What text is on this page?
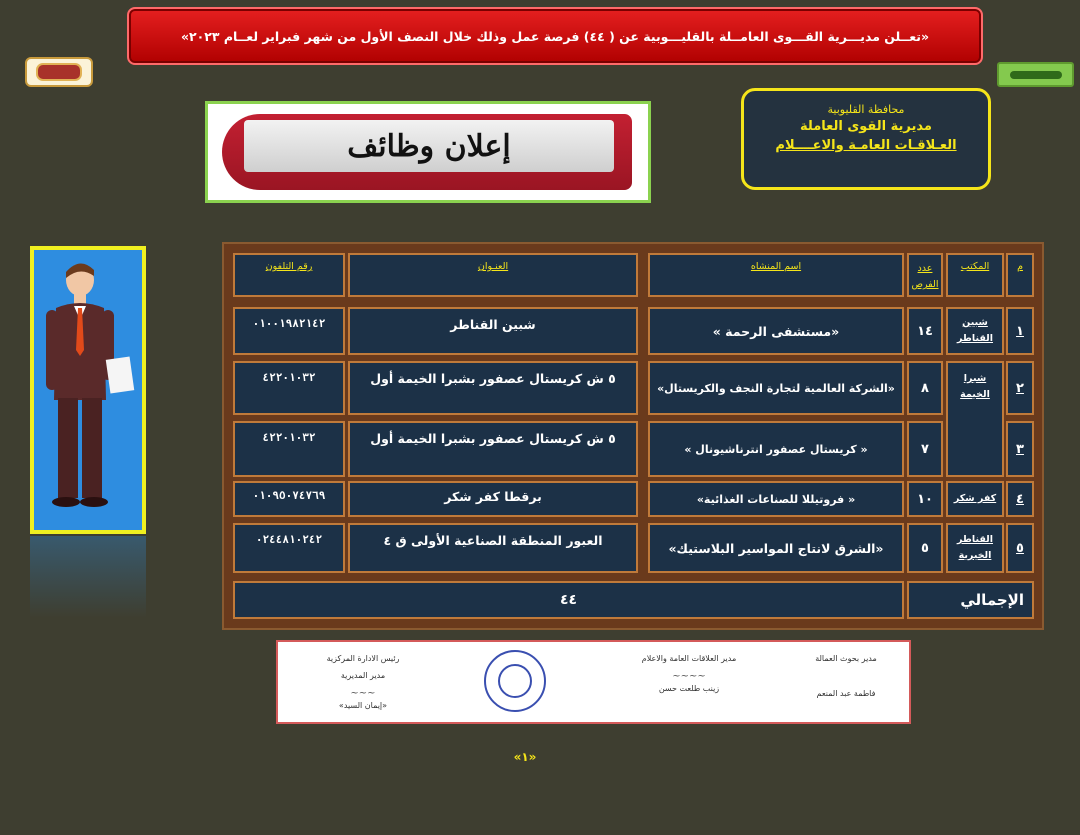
«تعــلن مديـــرية القـــوى العامــلة بالقليـــوبية عن ( ٤٤) فرصة عمل وذلك خلال النصف الأول من شهر فبراير لعــام ٢٠٢٣»
إعلان وظائف
محافظة القليوبية
مديرية القوى العاملة
العـلاقـات العامـة والاعــــلام
م
المكتب
عدد الفرص
اسم المنشاه
العنـوان
رقم التلفون
١
شبين القناطر
١٤
«مستشفى الرحمة »
شبين القناطر
٠١٠٠١٩٨٢١٤٢
٢
شبرا الخيمة
٨
«الشركة العالمية لتجارة النجف والكريستال»
٥ ش كريستال عصفور بشبرا الخيمة أول
٤٢٢٠١٠٣٢
٣
٧
« كريستال عصفور انترناشيونال »
٥ ش كريستال عصفور بشبرا الخيمة أول
٤٢٢٠١٠٣٢
٤
كفر شكر
١٠
« فروتيللا للصناعات الغذائية»
برقطا كفر شكر
٠١٠٩٥٠٧٤٧٦٩
٥
القناطر الخيرية
٥
«الشرق لانتاج المواسير البلاستيك»
العبور المنطقة الصناعية الأولى ق ٤
٠٢٤٤٨١٠٢٤٢
الإجمالي
٤٤
مدير بحوث العمالة
فاطمة عبد المنعم
مدير العلاقات العامة والاعلام
~~~~
زينب طلعت حسن
رئيس الادارة المركزية
مدير المديرية
~~~
«إيمان السيد»
«١»
